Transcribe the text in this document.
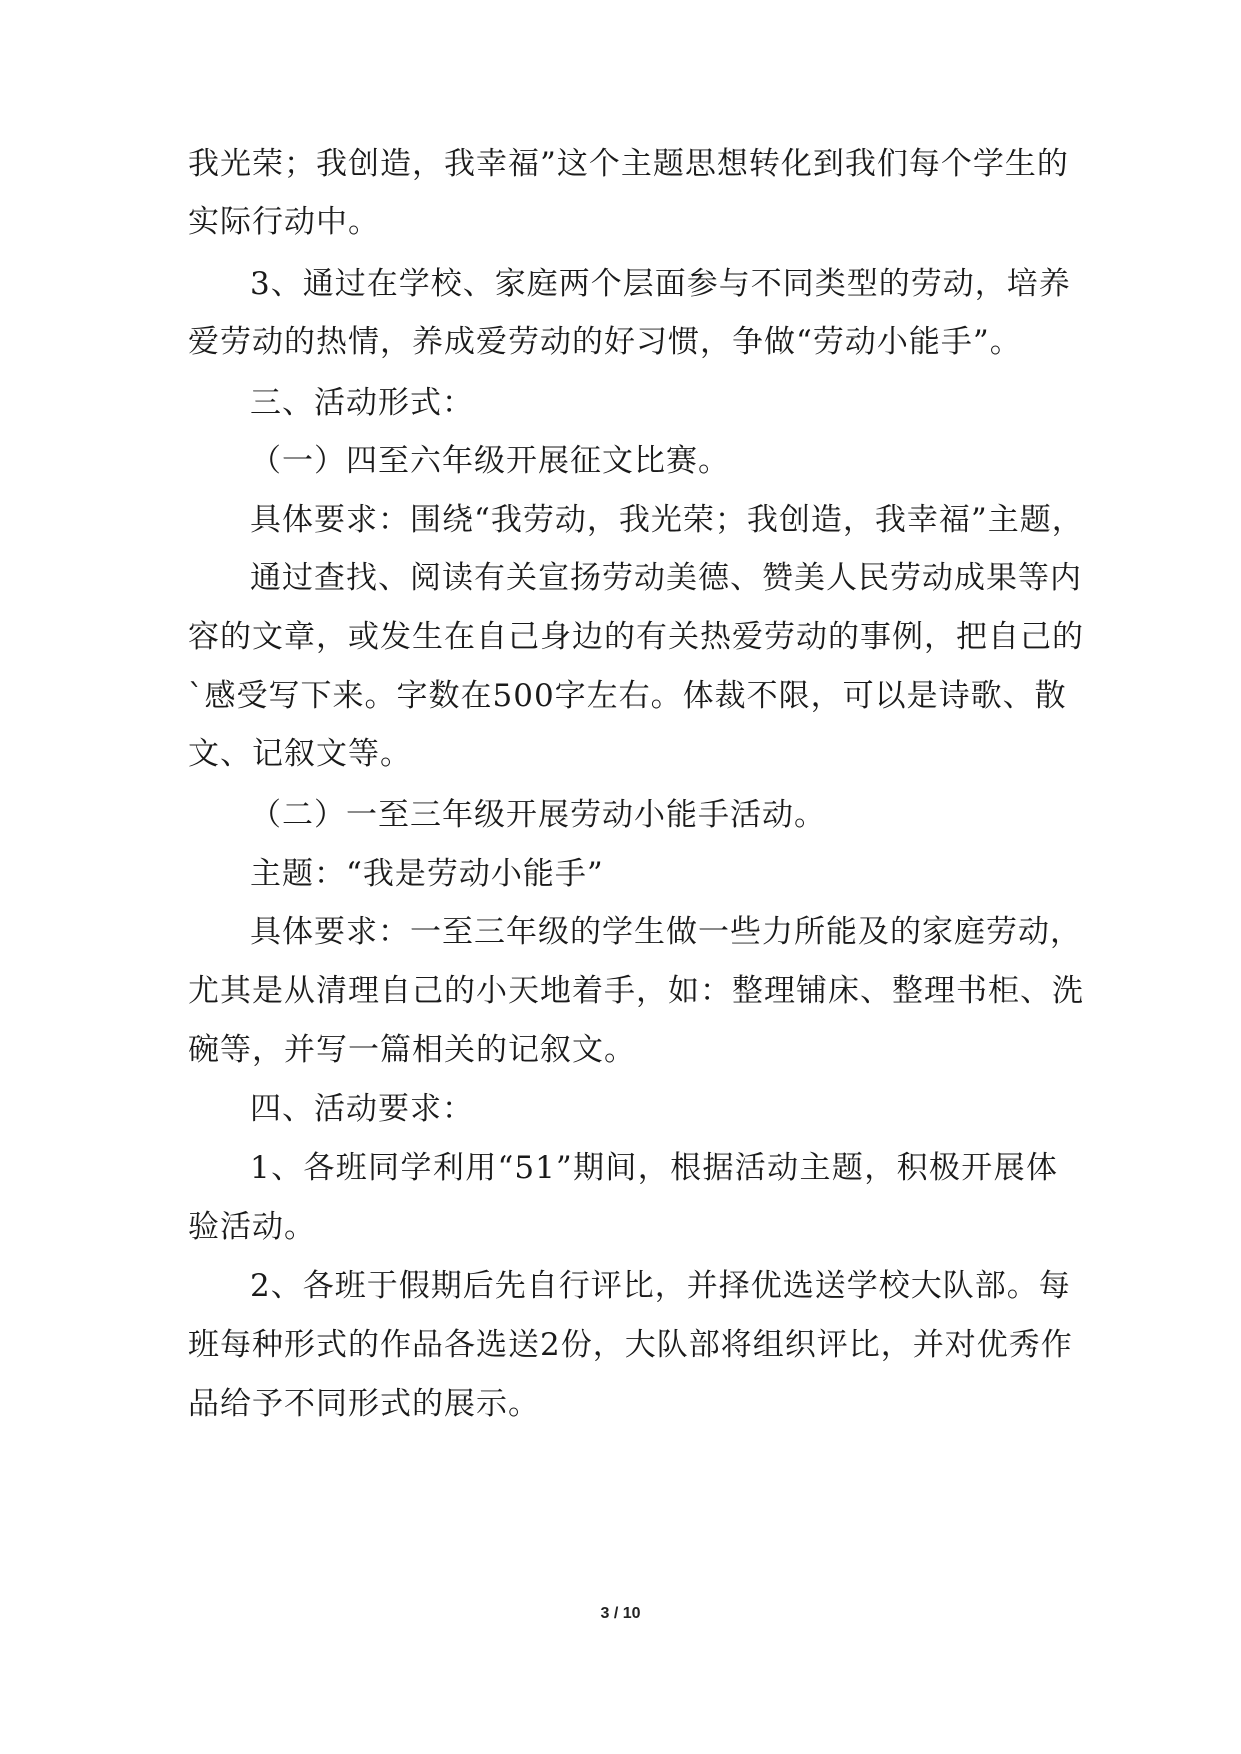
我光荣；我创造，我幸福”这个主题思想转化到我们每个学生的
实际行动中。
3、通过在学校、家庭两个层面参与不同类型的劳动，培养
爱劳动的热情，养成爱劳动的好习惯，争做“劳动小能手”。
三、活动形式：
（一）四至六年级开展征文比赛。
具体要求：围绕“我劳动，我光荣；我创造，我幸福”主题，
通过查找、阅读有关宣扬劳动美德、赞美人民劳动成果等内
容的文章，或发生在自己身边的有关热爱劳动的事例，把自己的
`感受写下来。字数在500字左右。体裁不限，可以是诗歌、散
文、记叙文等。
（二）一至三年级开展劳动小能手活动。
主题：“我是劳动小能手”
具体要求：一至三年级的学生做一些力所能及的家庭劳动，
尤其是从清理自己的小天地着手，如：整理铺床、整理书柜、洗
碗等，并写一篇相关的记叙文。
四、活动要求：
1、各班同学利用“51”期间，根据活动主题，积极开展体
验活动。
2、各班于假期后先自行评比，并择优选送学校大队部。每
班每种形式的作品各选送2份，大队部将组织评比，并对优秀作
品给予不同形式的展示。
3 / 10
